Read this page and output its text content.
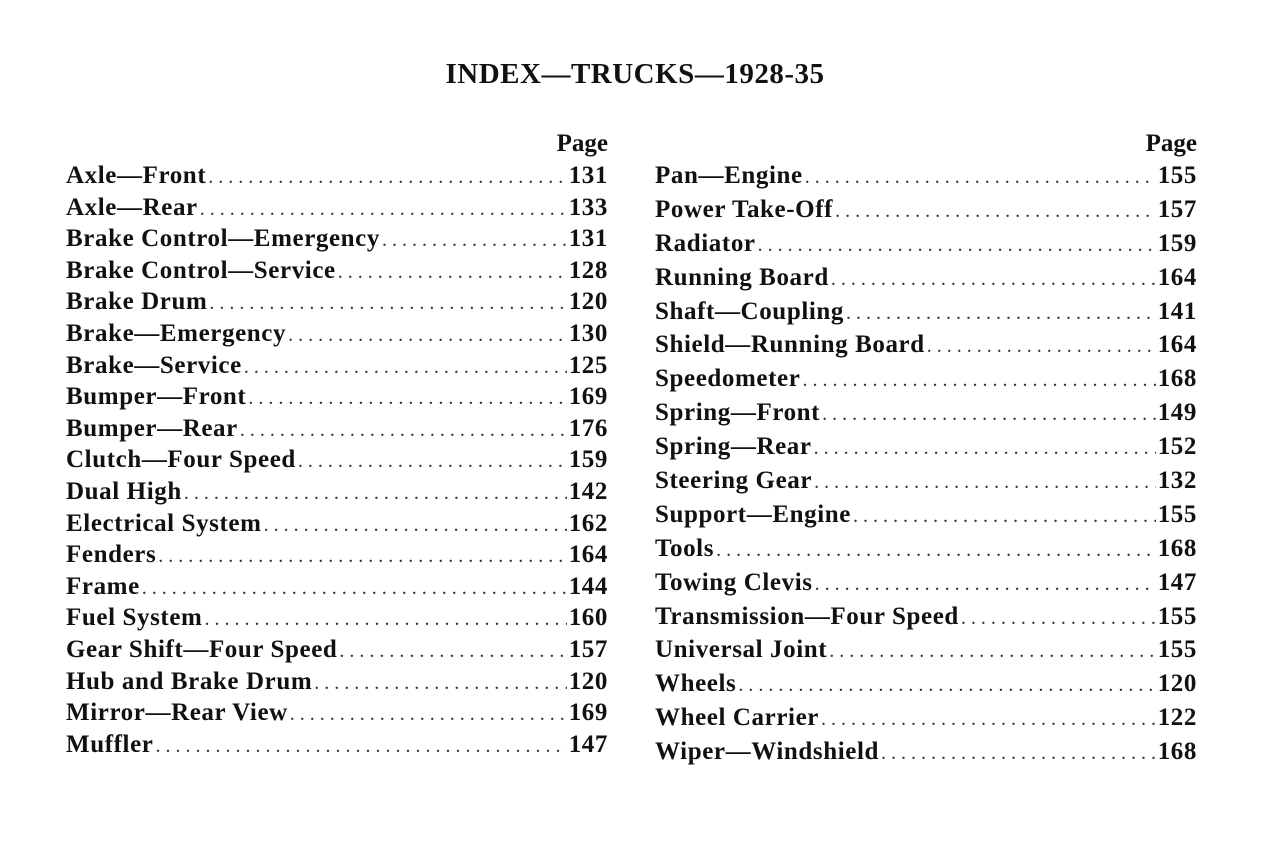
INDEX—TRUCKS—1928-35
Page
Axle—Front . . .	131
Axle—Rear . . .	133
Brake Control—Emergency . . .	131
Brake Control—Service . . .	128
Brake Drum . . .	120
Brake—Emergency . . .	130
Brake—Service . . .	125
Bumper—Front . . .	169
Bumper—Rear . . .	176
Clutch—Four Speed . . .	159
Dual High . . .	142
Electrical System . . .	162
Fenders . . .	164
Frame . . .	144
Fuel System . . .	160
Gear Shift—Four Speed . . .	157
Hub and Brake Drum . . .	120
Mirror—Rear View . . .	169
Muffler . . .	147
Page
Pan—Engine . . .	155
Power Take-Off . . .	157
Radiator . . .	159
Running Board . . .	164
Shaft—Coupling . . .	141
Shield—Running Board . . .	164
Speedometer . . .	168
Spring—Front . . .	149
Spring—Rear . . .	152
Steering Gear . . .	132
Support—Engine . . .	155
Tools . . .	168
Towing Clevis . . .	147
Transmission—Four Speed . . .	155
Universal Joint . . .	155
Wheels . . .	120
Wheel Carrier . . .	122
Wiper—Windshield . . .	168
